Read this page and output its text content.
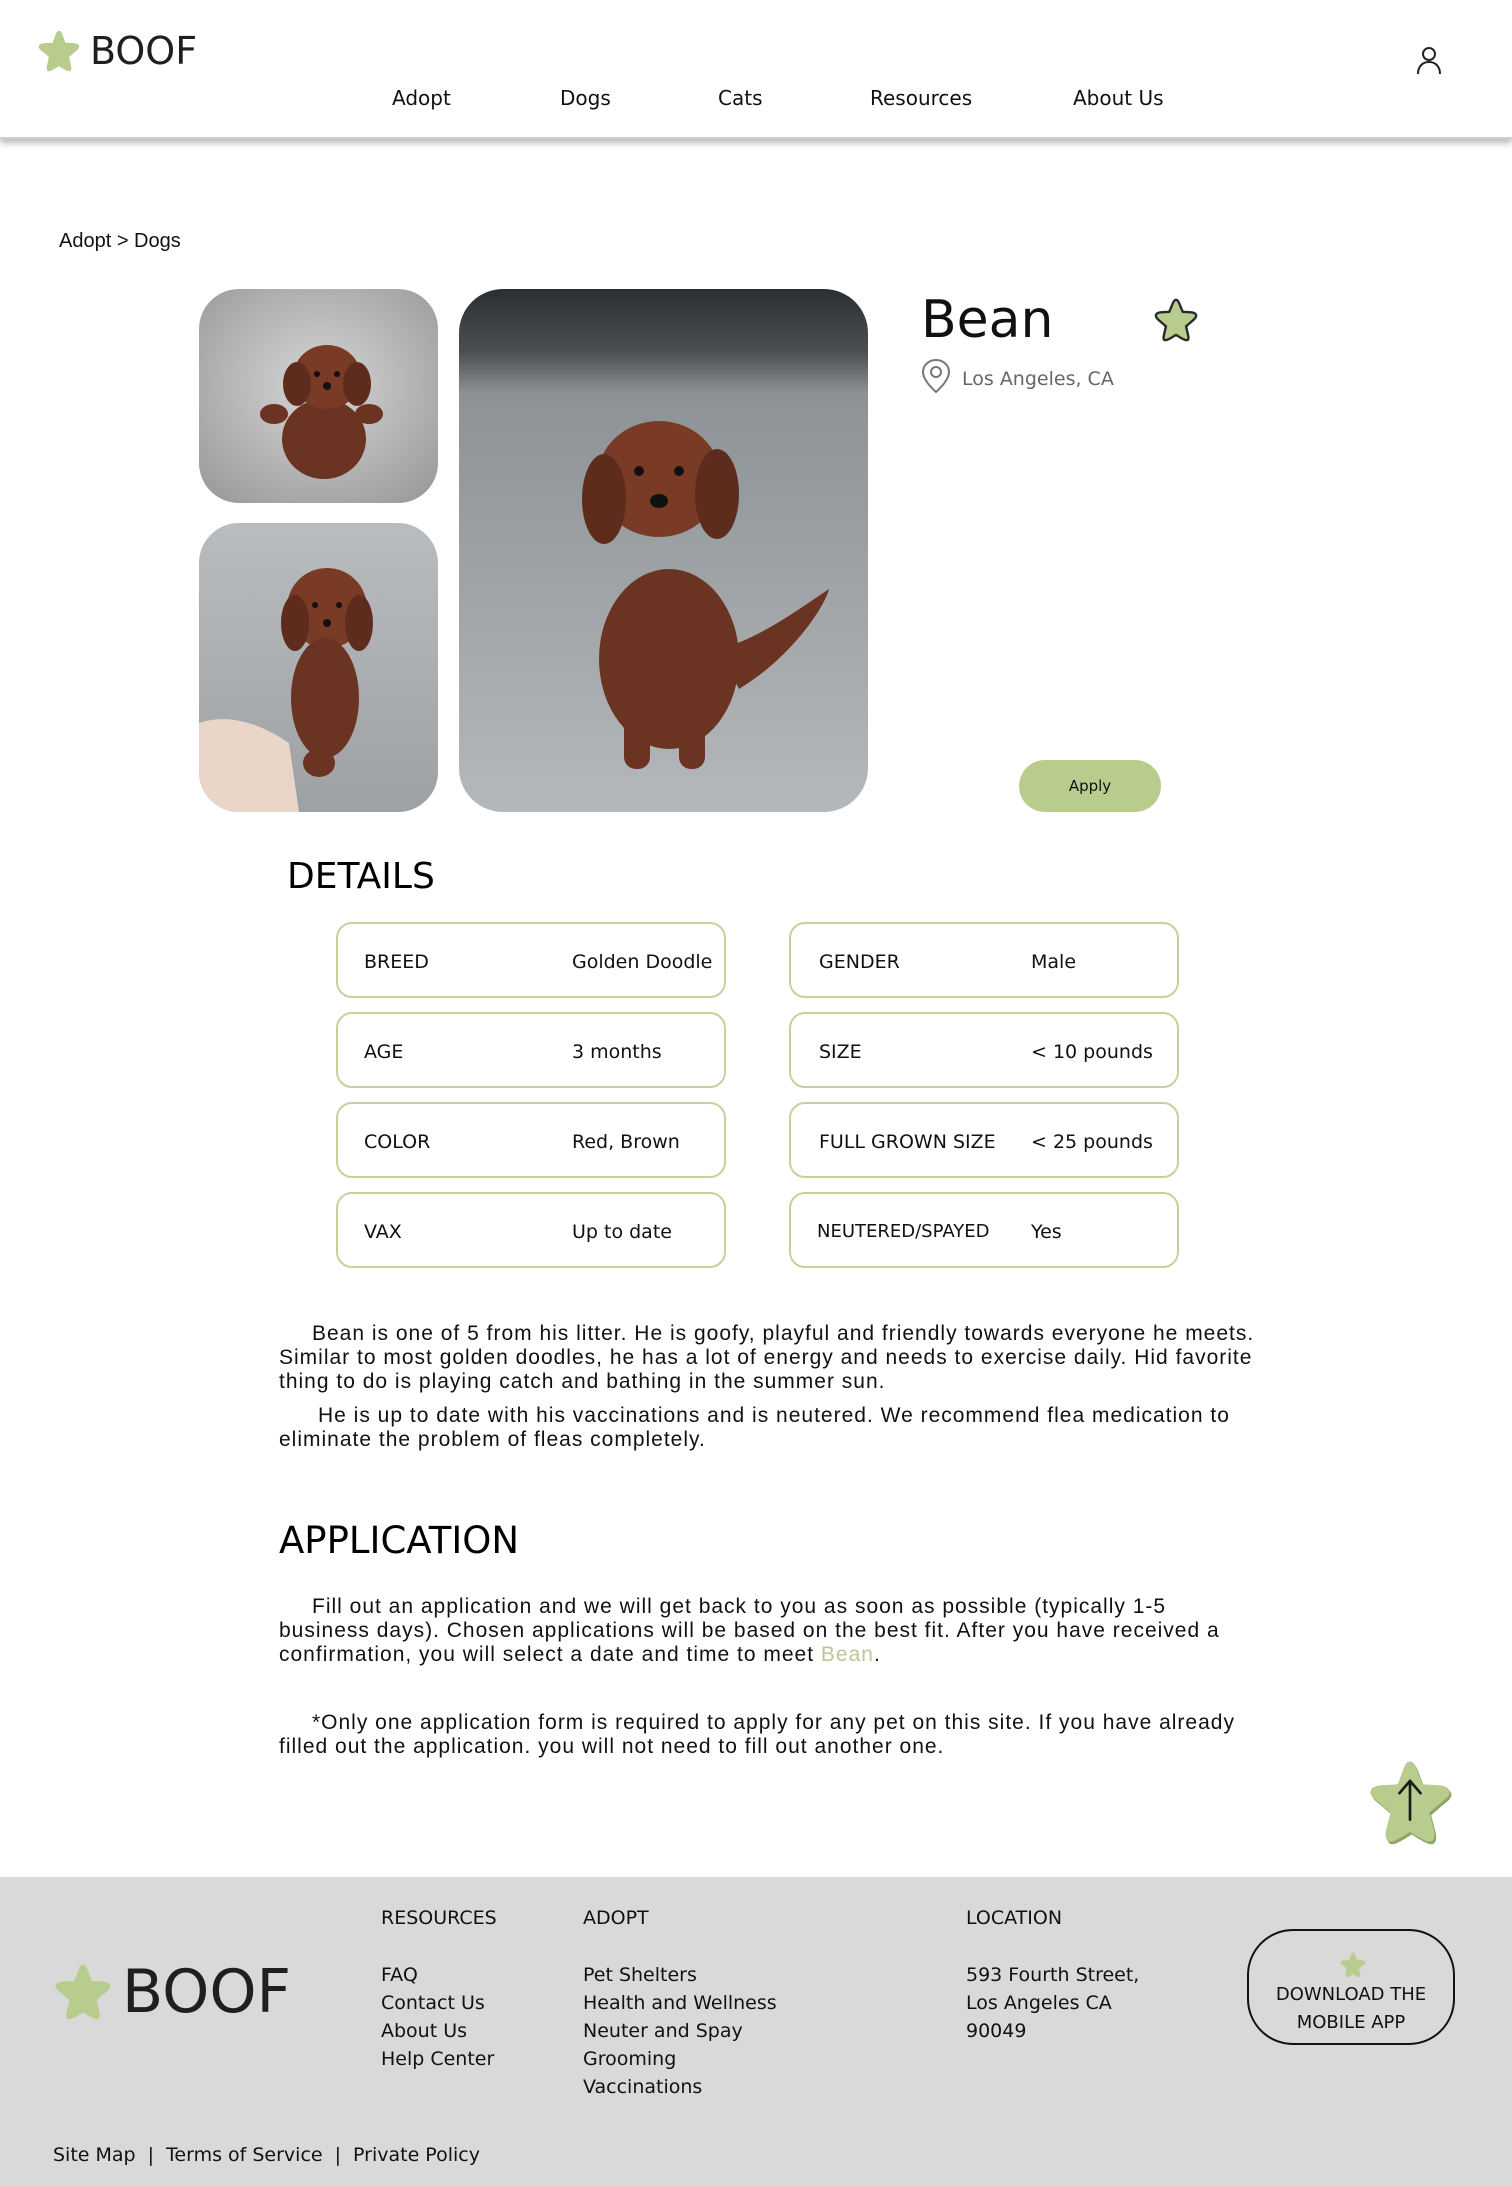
BOOF
Adopt	Dogs	Cats	Resources	About Us
Adopt > Dogs
Bean
Los Angeles, CA
Apply
DETAILS
BREED	Golden Doodle
AGE	3 months
COLOR	Red, Brown
VAX	Up to date
GENDER	Male
SIZE	< 10 pounds
FULL GROWN SIZE < 25 pounds
NEUTERED/SPAYED Yes

Bean is one of 5 from his litter. He is goofy, playful and friendly towards everyone he meets. Similar to most golden doodles, he has a lot of energy and needs to exercise daily. Hid favorite thing to do is playing catch and bathing in the summer sun.

He is up to date with his vaccinations and is neutered. We recommend flea medication to eliminate the problem of fleas completely.

APPLICATION

Fill out an application and we will get back to you as soon as possible (typically 1-5 business days). Chosen applications will be based on the best fit. After you have received a confirmation, you will select a date and time to meet Bean.

*Only one application form is required to apply for any pet on this site. If you have already filled out the application. you will not need to fill out another one.

BOOF
RESOURCES
FAQ
Contact Us
About Us
Help Center
ADOPT
Pet Shelters
Health and Wellness
Neuter and Spay
Grooming
Vaccinations
LOCATION
593 Fourth Street,
Los Angeles CA
90049
DOWNLOAD THE
MOBILE APP
Site Map | Terms of Service | Private Policy
